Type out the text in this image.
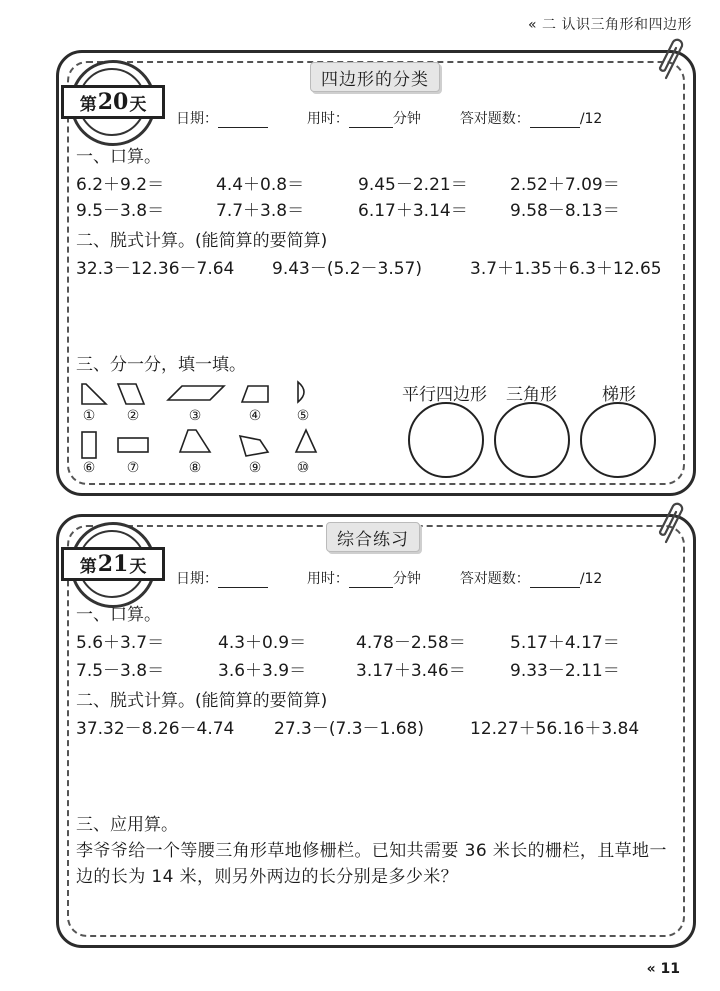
« 二 认识三角形和四边形
第 20 天
四边形的分类
日期：	用时：	分钟	答对题数：	/12
一、口算。
6.2＋9.2＝	4.4＋0.8＝	9.45－2.21＝ 2.52＋7.09＝
9.5－3.8＝	7.7＋3.8＝	6.17＋3.14＝ 9.58－8.13＝
二、脱式计算。(能简算的要简算)
32.3－12.36－7.64 9.43－(5.2－3.57)	3.7＋1.35＋6.3＋12.65
三、分一分，填一填。
① ②	③	④	⑤
⑥ ⑦	⑧	⑨	⑩
平行四边形 三角形	梯形
第 21 天
综合练习
日期：	用时：	分钟	答对题数：	/12
一、口算。
5.6＋3.7＝	4.3＋0.9＝	4.78－2.58＝	5.17＋4.17＝
7.5－3.8＝	3.6＋3.9＝	3.17＋3.46＝	9.33－2.11＝
二、脱式计算。(能简算的要简算)
37.32－8.26－4.74 27.3－(7.3－1.68)	12.27＋56.16＋3.84
三、应用算。
李爷爷给一个等腰三角形草地修栅栏。已知共需要 36 米长的栅栏，且草地一
边的长为 14 米，则另外两边的长分别是多少米？
« 11
